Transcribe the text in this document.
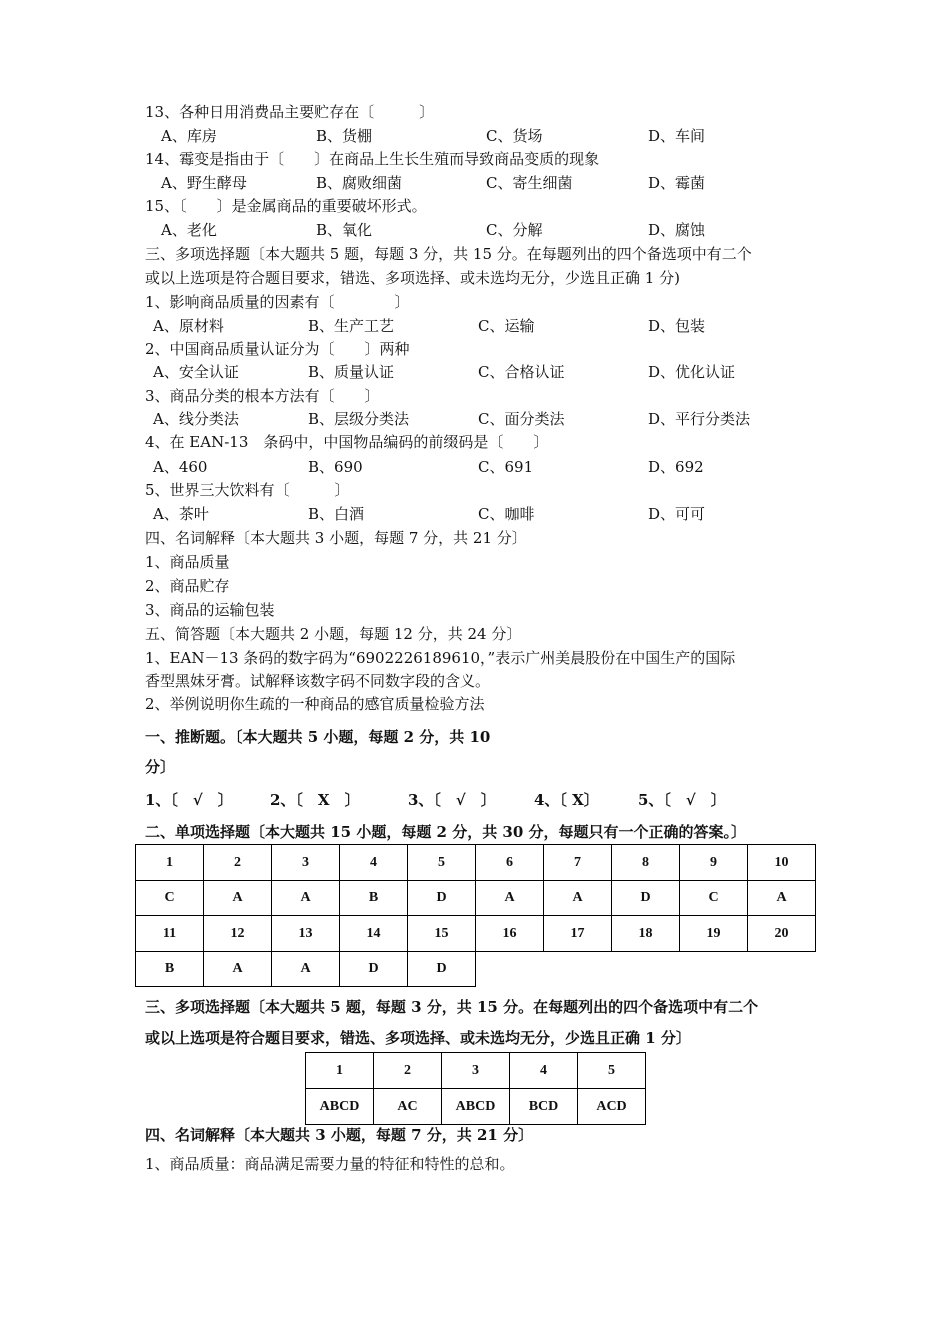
13、各种日用消费品主要贮存在〔　　　〕
A、库房	B、货棚	C、货场	D、车间
14、霉变是指由于〔　　〕在商品上生长生殖而导致商品变质的现象
A、野生酵母	B、腐败细菌	C、寄生细菌	D、霉菌
15、〔　　〕是金属商品的重要破坏形式。
A、老化	B、氧化	C、分解	D、腐蚀
三、多项选择题〔本大题共 5 题，每题 3 分，共 15 分。在每题列出的四个备选项中有二个
或以上选项是符合题目要求，错选、多项选择、或未选均无分，少选且正确 1 分)
1、影响商品质量的因素有〔　　　　〕
A、原材料	B、生产工艺	C、运输	D、包装
2、中国商品质量认证分为〔　　〕两种
A、安全认证	B、质量认证	C、合格认证	D、优化认证
3、商品分类的根本方法有〔　　〕
A、线分类法	B、层级分类法	C、面分类法	D、平行分类法
4、在 EAN-13　条码中，中国物品编码的前缀码是〔　　〕
A、460	B、690	C、691	D、692
5、世界三大饮料有〔　　　〕
A、茶叶	B、白酒	C、咖啡	D、可可
四、名词解释〔本大题共 3 小题，每题 7 分，共 21 分〕
1、商品质量
2、商品贮存
3、商品的运输包装
五、简答题〔本大题共 2 小题，每题 12 分，共 24 分〕
1、EAN－13 条码的数字码为“6902226189610，”表示广州美晨股份在中国生产的国际
香型黑妹牙膏。试解释该数字码不同数字段的含义。
2、举例说明你生疏的一种商品的感官质量检验方法
一、推断题。〔本大题共 5 小题，每题 2 分，共 10
分〕
1、〔　√　〕 2、〔　X　〕	3、〔　√　〕	4、〔 X〕	5、〔　√　〕
二、单项选择题〔本大题共 15 小题，每题 2 分，共 30 分，每题只有一个正确的答案。〕
1	2	3	4	5	6	7	8	9	10
C	A	A	B	D	A	A	D	C	A
11	12	13	14	15	16	17	18	19	20
B	A	A	D	D					
三、多项选择题〔本大题共 5 题，每题 3 分，共 15 分。在每题列出的四个备选项中有二个
或以上选项是符合题目要求，错选、多项选择、或未选均无分，少选且正确 1 分〕
1	2	3	4	5
ABCD	AC	ABCD	BCD	ACD
四、名词解释〔本大题共 3 小题，每题 7 分，共 21 分〕
1、商品质量：商品满足需要力量的特征和特性的总和。
